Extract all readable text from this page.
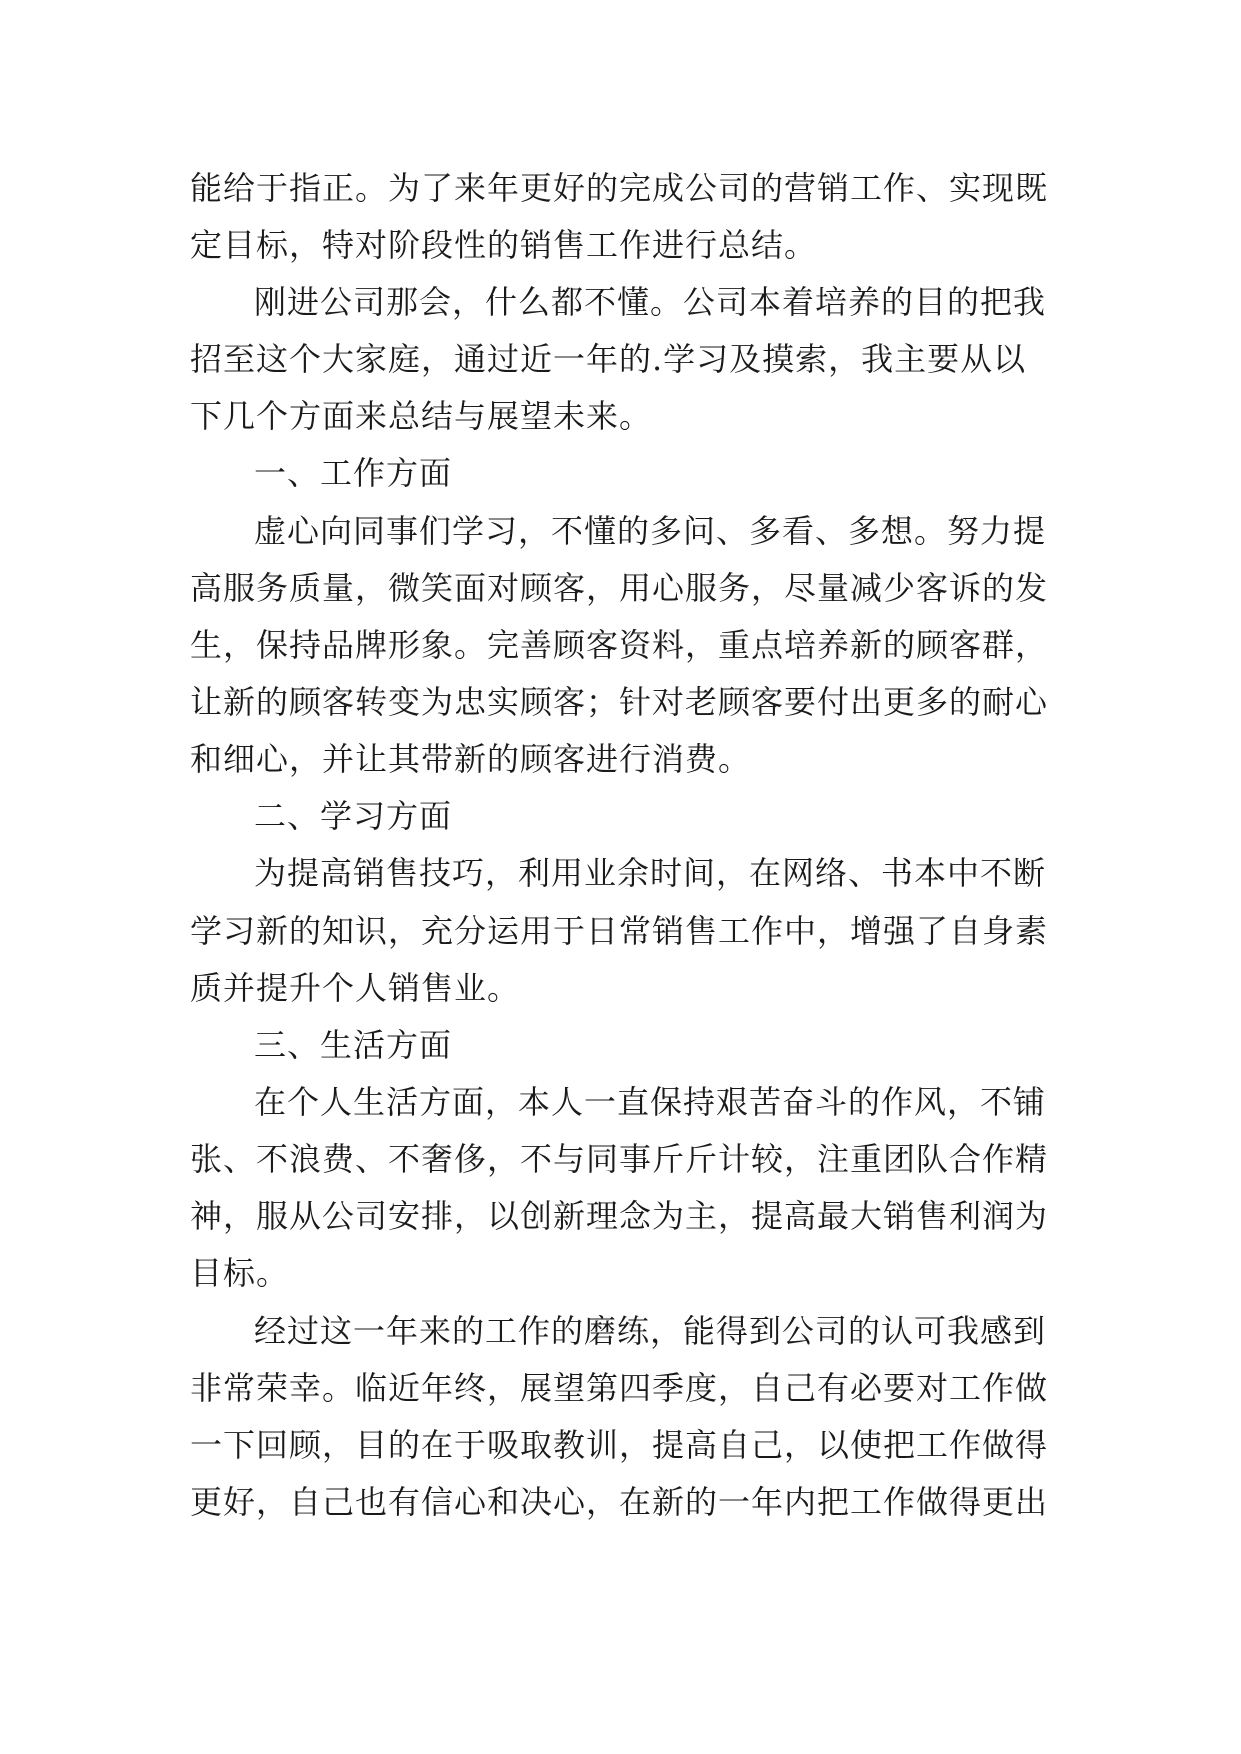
能给于指正。为了来年更好的完成公司的营销工作、实现既
定目标，特对阶段性的销售工作进行总结。
刚进公司那会，什么都不懂。公司本着培养的目的把我
招至这个大家庭，通过近一年的.学习及摸索，我主要从以
下几个方面来总结与展望未来。
一、工作方面
虚心向同事们学习，不懂的多问、多看、多想。努力提
高服务质量，微笑面对顾客，用心服务，尽量减少客诉的发
生，保持品牌形象。完善顾客资料，重点培养新的顾客群，
让新的顾客转变为忠实顾客；针对老顾客要付出更多的耐心
和细心，并让其带新的顾客进行消费。
二、学习方面
为提高销售技巧，利用业余时间，在网络、书本中不断
学习新的知识，充分运用于日常销售工作中，增强了自身素
质并提升个人销售业。
三、生活方面
在个人生活方面，本人一直保持艰苦奋斗的作风，不铺
张、不浪费、不奢侈，不与同事斤斤计较，注重团队合作精
神，服从公司安排，以创新理念为主，提高最大销售利润为
目标。
经过这一年来的工作的磨练，能得到公司的认可我感到
非常荣幸。临近年终，展望第四季度，自己有必要对工作做
一下回顾，目的在于吸取教训，提高自己，以使把工作做得
更好，自己也有信心和决心，在新的一年内把工作做得更出
